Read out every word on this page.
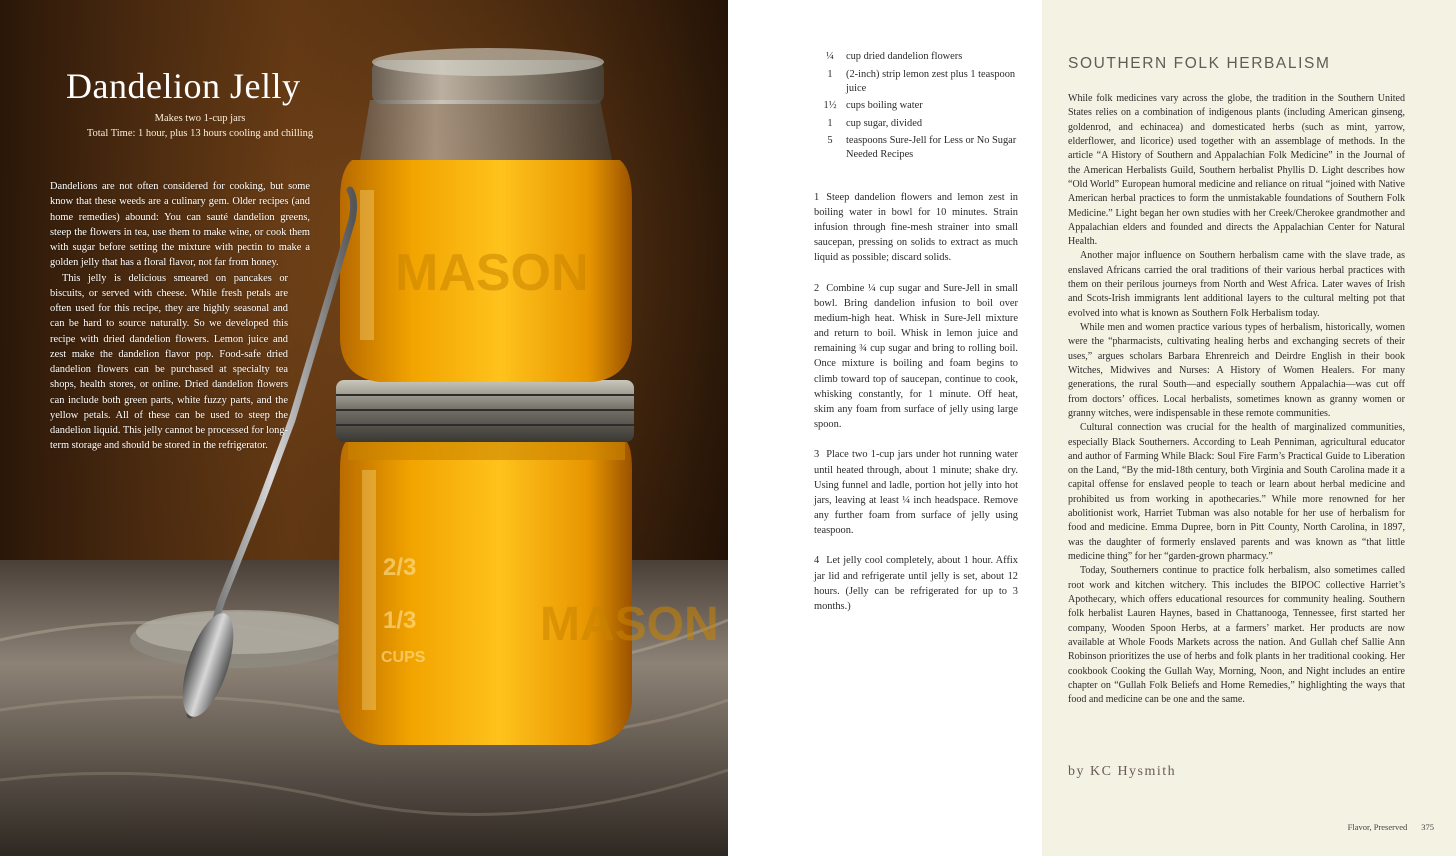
MASON
2/3
1/3
CUPS
MASON
Dandelion Jelly
Makes two 1-cup jars
Total Time: 1 hour, plus 13 hours cooling and chilling

Dandelions are not often considered for cooking, but some know that these weeds are a culinary gem. Older recipes (and home remedies) abound: You can sauté dandelion greens, steep the flowers in tea, use them to make wine, or cook them with sugar before setting the mixture with pectin to make a golden jelly that has a floral flavor, not far from honey.

This jelly is delicious smeared on pancakes or biscuits, or served with cheese. While fresh petals are often used for this recipe, they are highly seasonal and can be hard to source naturally. So we developed this recipe with dried dandelion flowers. Lemon juice and zest make the dandelion flavor pop. Food-safe dried dandelion flowers can be purchased at specialty tea shops, health stores, or online. Dried dandelion flowers can include both green parts, white fuzzy parts, and the yellow petals. All of these can be used to steep the dandelion liquid. This jelly cannot be processed for long-term storage and should be stored in the refrigerator.

¼	cup dried dandelion flowers
1	(2-inch) strip lemon zest plus 1 teaspoon juice
1½ cups boiling water
1	cup sugar, divided
5	teaspoons Sure-Jell for Less or No Sugar Needed Recipes

1 Steep dandelion flowers and lemon zest in boiling water in bowl for 10 minutes. Strain infusion through fine-mesh strainer into small saucepan, pressing on solids to extract as much liquid as possible; discard solids.

2 Combine ¼ cup sugar and Sure-Jell in small bowl. Bring dandelion infusion to boil over medium-high heat. Whisk in Sure-Jell mixture and return to boil. Whisk in lemon juice and remaining ¾ cup sugar and bring to rolling boil. Once mixture is boiling and foam begins to climb toward top of saucepan, continue to cook, whisking constantly, for 1 minute. Off heat, skim any foam from surface of jelly using large spoon.

3 Place two 1-cup jars under hot running water until heated through, about 1 minute; shake dry. Using funnel and ladle, portion hot jelly into hot jars, leaving at least ¼ inch headspace. Remove any further foam from surface of jelly using teaspoon.

4 Let jelly cool completely, about 1 hour. Affix jar lid and refrigerate until jelly is set, about 12 hours. (Jelly can be refrigerated for up to 3 months.)

SOUTHERN FOLK HERBALISM

While folk medicines vary across the globe, the tradition in the Southern United States relies on a combination of indigenous plants (including American ginseng, goldenrod, and echinacea) and domesticated herbs (such as mint, yarrow, elderflower, and licorice) used together with an assemblage of methods. In the article “A History of Southern and Appalachian Folk Medicine” in the Journal of the American Herbalists Guild, Southern herbalist Phyllis D. Light describes how “Old World” European humoral medicine and reliance on ritual “joined with Native American herbal practices to form the unmistakable foundations of Southern Folk Medicine.” Light began her own studies with her Creek/Cherokee grandmother and Appalachian elders and founded and directs the Appalachian Center for Natural Health.

Another major influence on Southern herbalism came with the slave trade, as enslaved Africans carried the oral traditions of their various herbal practices with them on their perilous journeys from North and West Africa. Later waves of Irish and Scots-Irish immigrants lent additional layers to the cultural melting pot that evolved into what is known as Southern Folk Herbalism today.

While men and women practice various types of herbalism, historically, women were the “pharmacists, cultivating healing herbs and exchanging secrets of their uses,” argues scholars Barbara Ehrenreich and Deirdre English in their book Witches, Midwives and Nurses: A History of Women Healers. For many generations, the rural South—and especially southern Appalachia—was cut off from doctors’ offices. Local herbalists, sometimes known as granny women or granny witches, were indispensable in these remote communities.

Cultural connection was crucial for the health of marginalized communities, especially Black Southerners. According to Leah Penniman, agricultural educator and author of Farming While Black: Soul Fire Farm’s Practical Guide to Liberation on the Land, “By the mid-18th century, both Virginia and South Carolina made it a capital offense for enslaved people to teach or learn about herbal medicine and prohibited us from working in apothecaries.” While more renowned for her abolitionist work, Harriet Tubman was also notable for her use of herbalism for food and medicine. Emma Dupree, born in Pitt County, North Carolina, in 1897, was the daughter of formerly enslaved parents and was known as “that little medicine thing” for her “garden-grown pharmacy.”

Today, Southerners continue to practice folk herbalism, also sometimes called root work and kitchen witchery. This includes the BIPOC collective Harriet’s Apothecary, which offers educational resources for community healing. Southern folk herbalist Lauren Haynes, based in Chattanooga, Tennessee, first started her company, Wooden Spoon Herbs, at a farmers’ market. Her products are now available at Whole Foods Markets across the nation. And Gullah chef Sallie Ann Robinson prioritizes the use of herbs and folk plants in her traditional cooking. Her cookbook Cooking the Gullah Way, Morning, Noon, and Night includes an entire chapter on “Gullah Folk Beliefs and Home Remedies,” highlighting the ways that food and medicine can be one and the same.

by KC Hysmith

Flavor, Preserved 375
